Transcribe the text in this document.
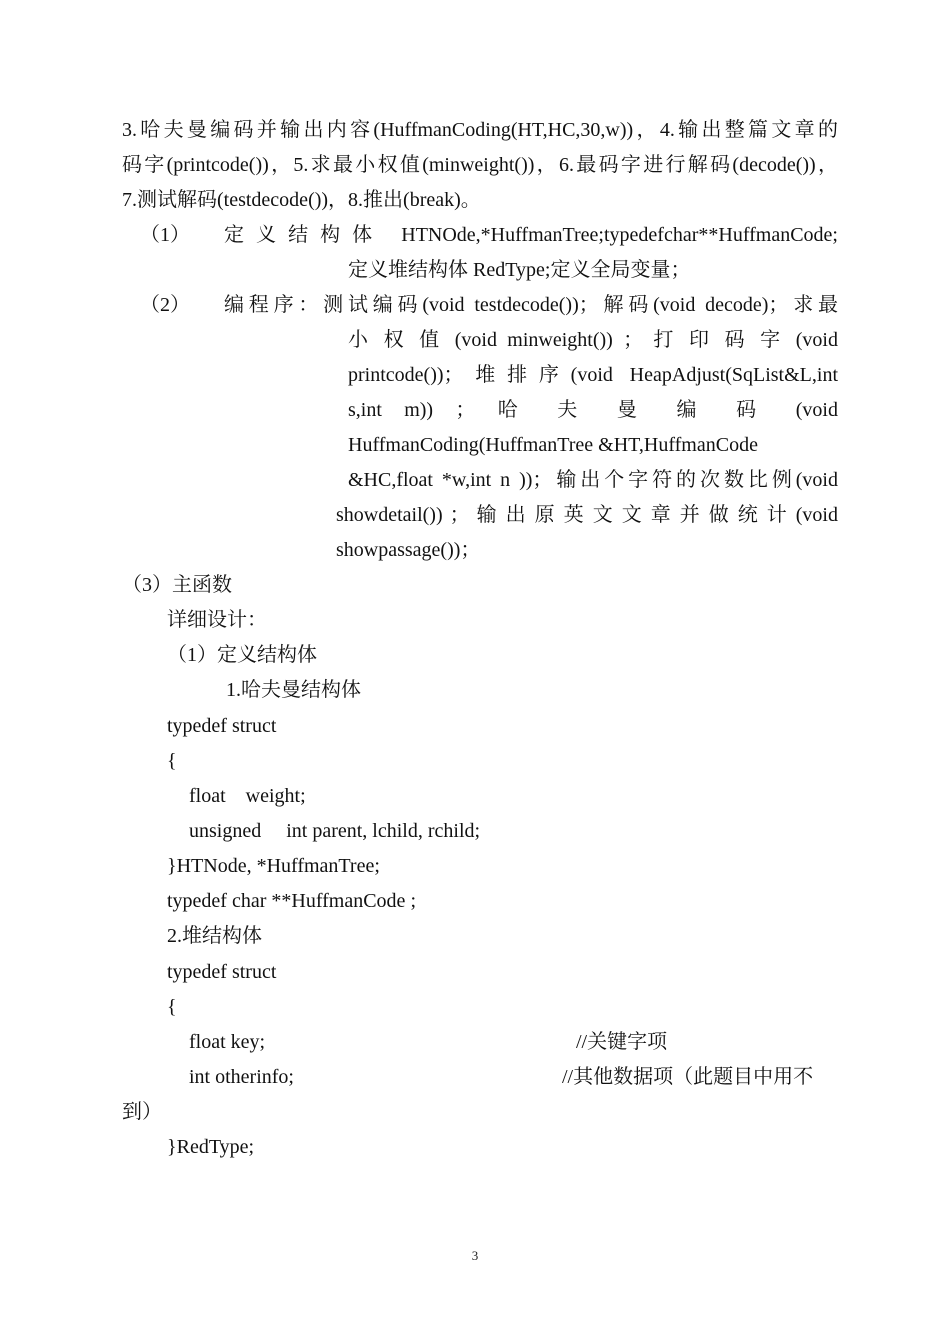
3.哈夫曼编码并输出内容(HuffmanCoding(HT,HC,30,w))，4.输出整篇文章的
码字(printcode())，5.求最小权值(minweight())，6.最码字进行解码(decode())，
7.测试解码(testdecode())，8.推出(break)。
（1） 定义结构体 HTNOde,*HuffmanTree;typedefchar**HuffmanCode;
定义堆结构体 RedType;定义全局变量；
（2） 编程序：测试编码(void testdecode())；解码(void decode)；求最
小 权 值 (void minweight()) ； 打 印 码 字 (void
printcode())；堆排序(void HeapAdjust(SqList&L,int
s,int m)) ； 哈 夫 曼 编 码 (void
HuffmanCoding(HuffmanTree &HT,HuffmanCode
&HC,float *w,int n ))；输出个字符的次数比例(void
showdetail()) ； 输 出 原 英 文 文 章 并 做 统 计 (void
showpassage())；
（3）主函数
详细设计：
（1）定义结构体
1.哈夫曼结构体
typedef struct
{
float    weight;
unsigned     int parent, lchild, rchild;
}HTNode, *HuffmanTree;
typedef char **HuffmanCode ;
2.堆结构体
typedef struct
{
float key;	//关键字项
int otherinfo;	//其他数据项（此题目中用不
到）
}RedType;
3
